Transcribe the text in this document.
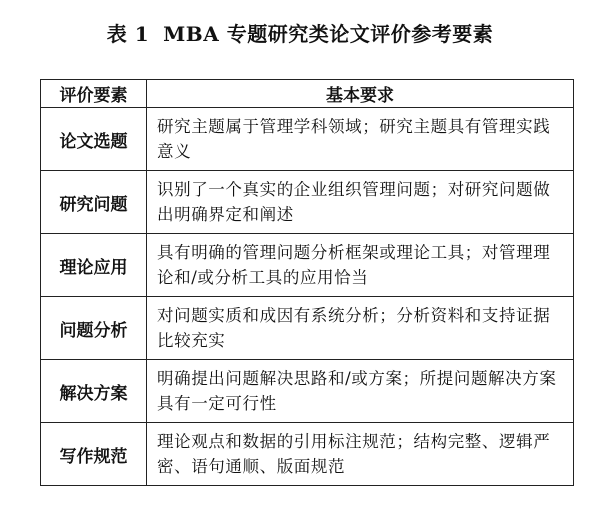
表 1 MBA 专题研究类论文评价参考要素
评价要素	基本要求
论文选题	研究主题属于管理学科领域；研究主题具有管理实践意义
研究问题	识别了一个真实的企业组织管理问题；对研究问题做出明确界定和阐述
理论应用	具有明确的管理问题分析框架或理论工具；对管理理论和/或分析工具的应用恰当
问题分析	对问题实质和成因有系统分析；分析资料和支持证据比较充实
解决方案	明确提出问题解决思路和/或方案；所提问题解决方案具有一定可行性
写作规范	理论观点和数据的引用标注规范；结构完整、逻辑严密、语句通顺、版面规范
